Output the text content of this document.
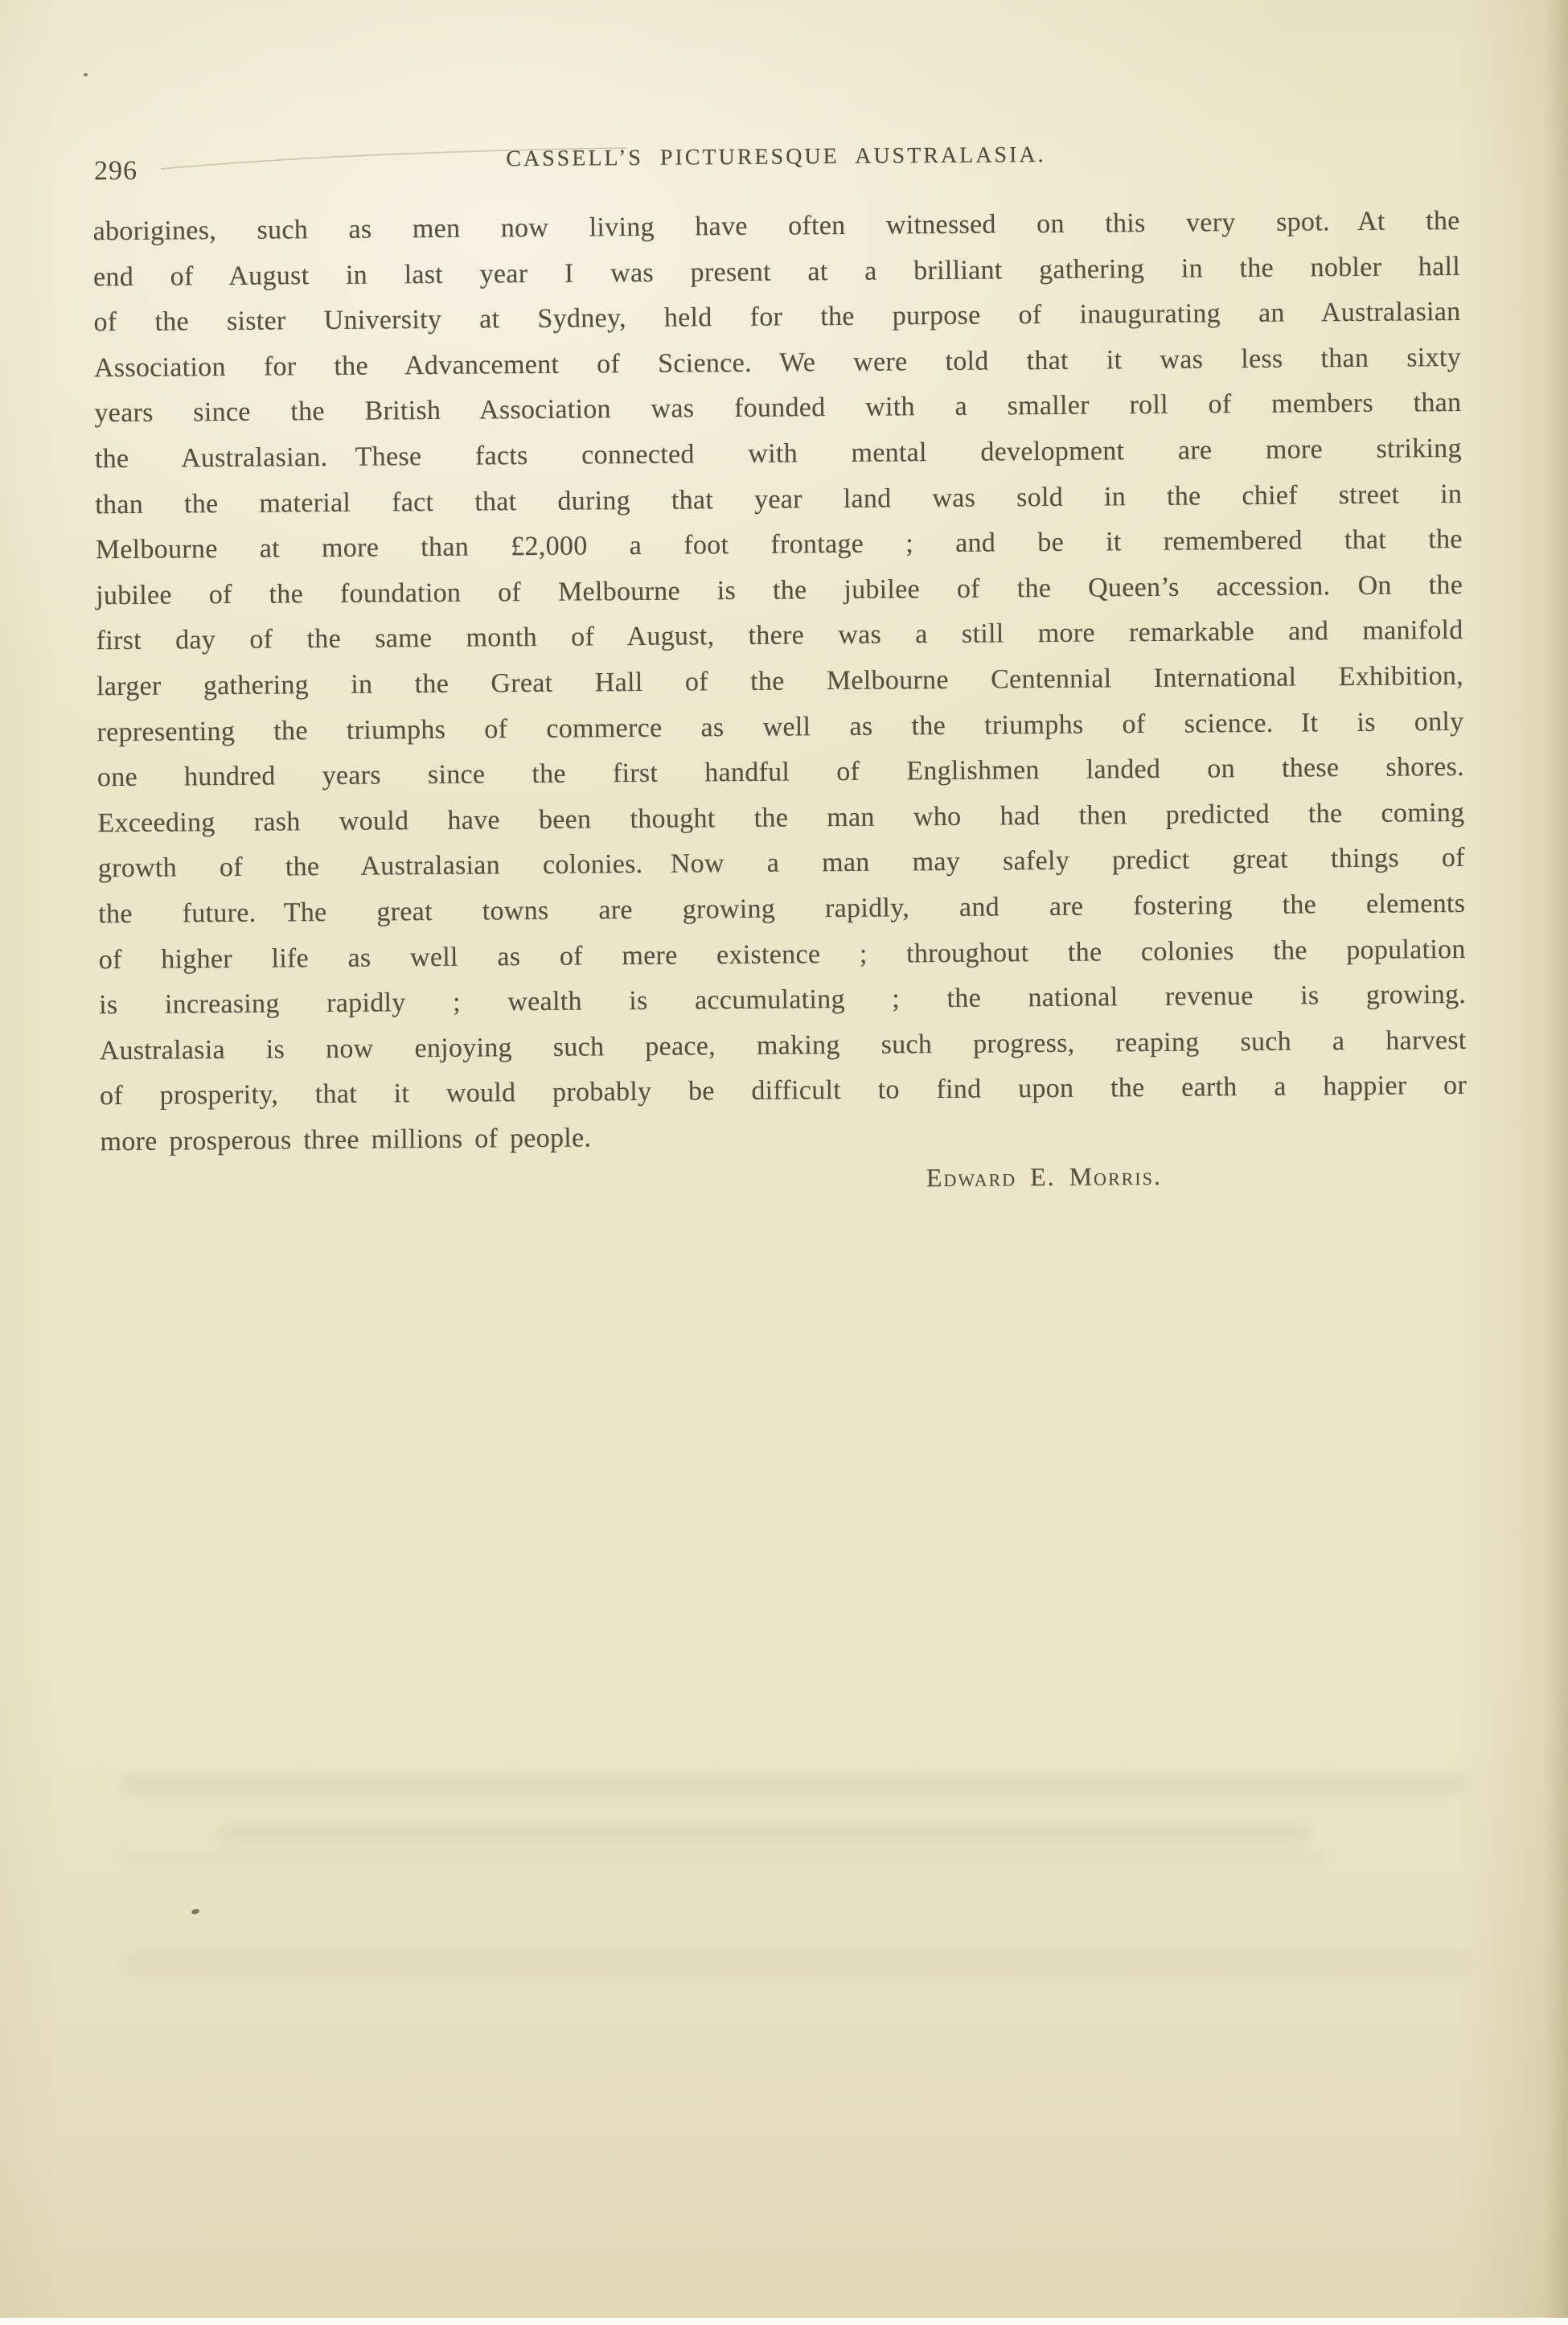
296	CASSELL’S PICTURESQUE AUSTRALASIA.
aborigines, such as men now living have often witnessed on this very spot. At the
end of August in last year I was present at a brilliant gathering in the nobler hall
of the sister University at Sydney, held for the purpose of inaugurating an Australasian
Association for the Advancement of Science. We were told that it was less than sixty
years since the British Association was founded with a smaller roll of members than
the Australasian. These facts connected with mental development are more striking
than the material fact that during that year land was sold in the chief street in
Melbourne at more than £2,000 a foot frontage ; and be it remembered that the
jubilee of the foundation of Melbourne is the jubilee of the Queen’s accession. On the
first day of the same month of August, there was a still more remarkable and manifold
larger gathering in the Great Hall of the Melbourne Centennial International Exhibition,
representing the triumphs of commerce as well as the triumphs of science. It is only
one hundred years since the first handful of Englishmen landed on these shores.
Exceeding rash would have been thought the man who had then predicted the coming
growth of the Australasian colonies. Now a man may safely predict great things of
the future. The great towns are growing rapidly, and are fostering the elements
of higher life as well as of mere existence ; throughout the colonies the population
is increasing rapidly ; wealth is accumulating ; the national revenue is growing.
Australasia is now enjoying such peace, making such progress, reaping such a harvest
of prosperity, that it would probably be difficult to find upon the earth a happier or
more prosperous three millions of people.
Edward E. Morris.
